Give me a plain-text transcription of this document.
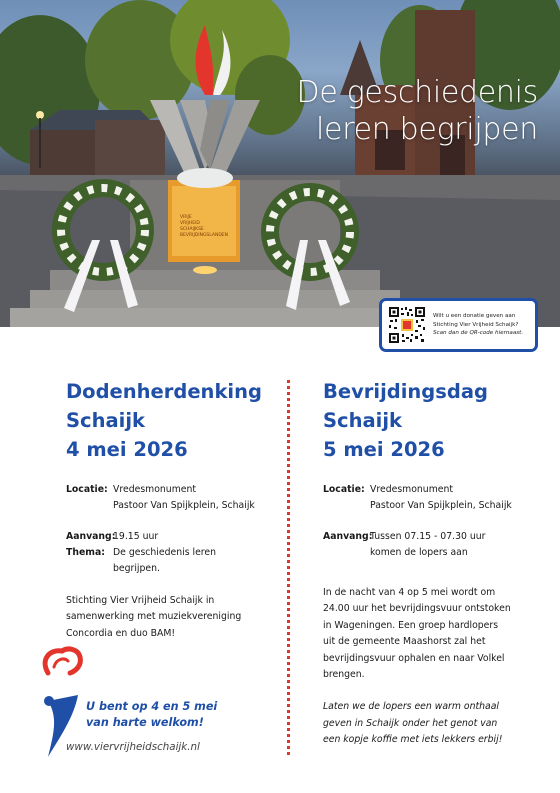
VRIJE
VRIJHEID
SCHAIJKSE BEVRIJDINGSLANDEN
De geschiedenis
leren begrijpen
Wilt u een donatie geven aan
Stichting Vier Vrijheid Schaijk?
Scan dan de QR-code hiernaast.
Dodenherdenking
Schaijk
4 mei 2026
Locatie: Vredesmonument
Pastoor Van Spijkplein, Schaijk
Aanvang:
19.15 uur
Thema: De geschiedenis leren
begrijpen.
Stichting Vier Vrijheid Schaijk in
samenwerking met muziekvereniging
Concordia en duo BAM!
Bevrijdingsdag
Schaijk
5 mei 2026
Locatie: Vredesmonument
Pastoor Van Spijkplein, Schaijk
Aanvang:
Tussen 07.15 - 07.30 uur
komen de lopers aan
In de nacht van 4 op 5 mei wordt om
24.00 uur het bevrijdingsvuur ontstoken
in Wageningen. Een groep hardlopers
uit de gemeente Maashorst zal het
bevrijdingsvuur ophalen en naar Volkel
brengen.
Laten we de lopers een warm onthaal
geven in Schaijk onder het genot van
een kopje koffie met iets lekkers erbij!
U bent op 4 en 5 mei
van harte welkom!
www.viervrijheidschaijk.nl
